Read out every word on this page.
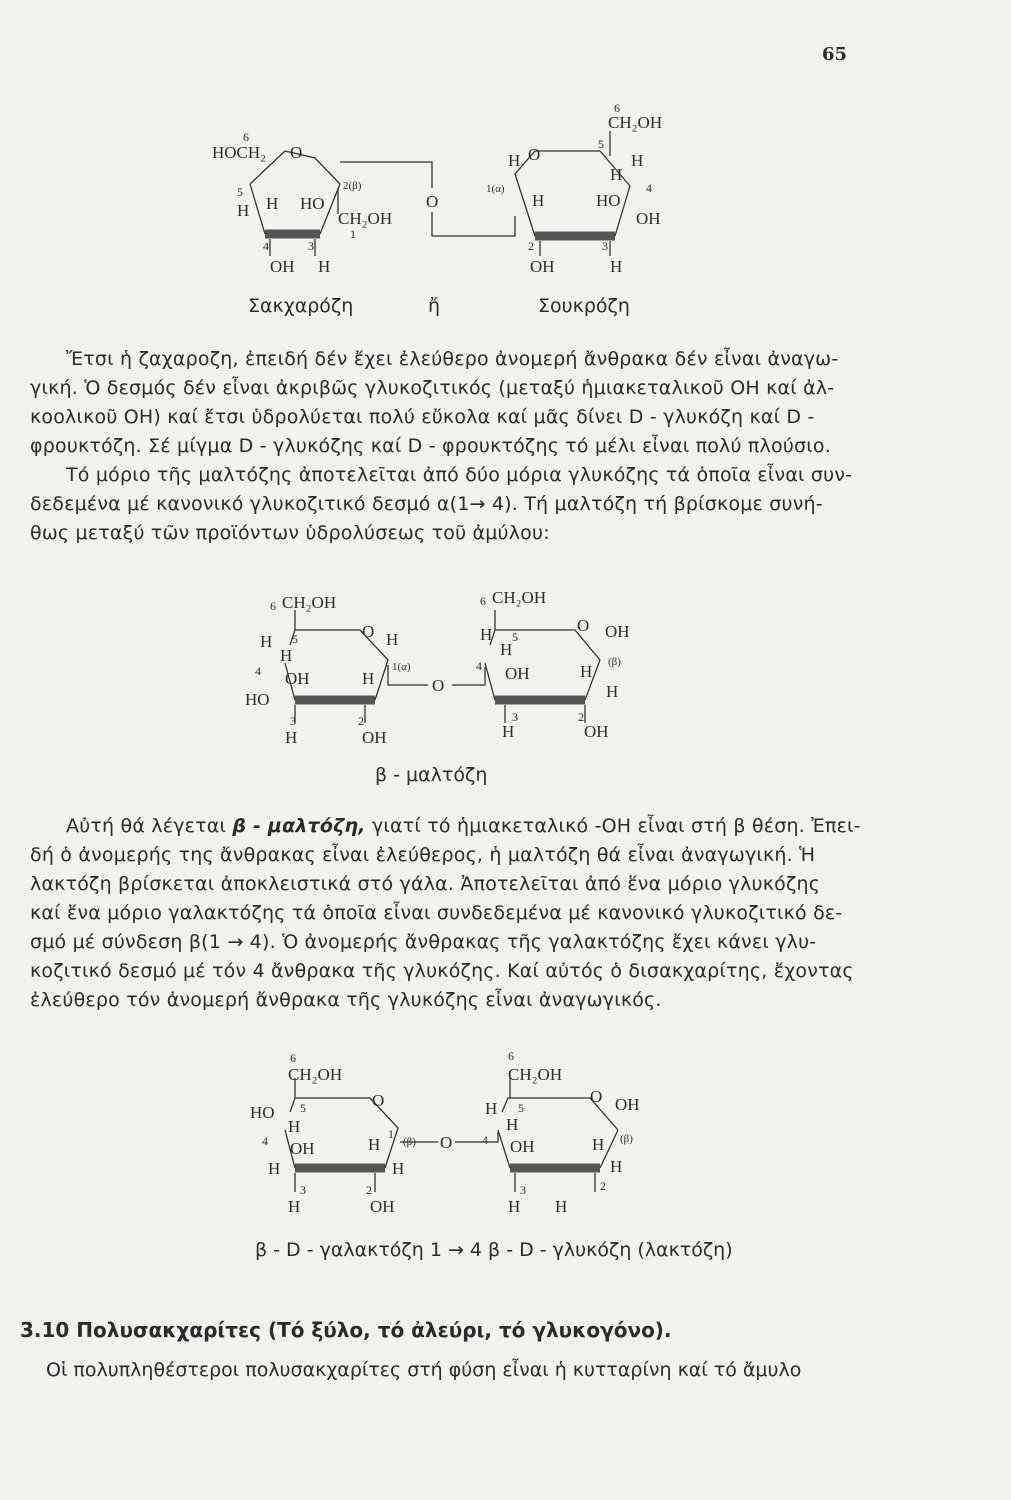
65
6
HOCH₂ O
5
H H HO
2(β)
CH₂OH
1
4	3
OH H
O
6
CH₂OH
5
H
O
H
1(α)
H
4
H	HO
OH
2	3
OH	H
Σακχαρόζη	ἤ	Σουκρόζη
Ἔτσι ἡ ζαχαροζη, ἐπειδή δέν ἔχει ἐλεύθερο ἀνομερή ἄνθρακα δέν εἶναι ἀναγω-
γική. Ὁ δεσμός δέν εἶναι ἀκριβῶς γλυκοζιτικός (μεταξύ ἡμιακεταλικοῦ ΟΗ καί ἀλ-
κοολικοῦ ΟΗ) καί ἔτσι ὑδρολύεται πολύ εὔκολα καί μᾶς δίνει D - γλυκόζη καί D -
φρουκτόζη. Σέ μίγμα D - γλυκόζης καί D - φρουκτόζης τό μέλι εἶναι πολύ πλούσιο.
Τό μόριο τῆς μαλτόζης ἀποτελεῖται ἀπό δύο μόρια γλυκόζης τά ὁποῖα εἶναι συν-
δεδεμένα μέ κανονικό γλυκοζιτικό δεσμό α(1→ 4). Τή μαλτόζη τή βρίσκομε συνή-
θως μεταξύ τῶν προϊόντων ὑδρολύσεως τοῦ ἀμύλου:
6 CH₂OH
H 5	O H
H
4 OH	H
1(α)
HO
3	2
H	OH
O
6 CH₂OH
H 5
O OH
H
4 OH	H (β)
H
3	2
H	OH
β - μαλτόζη
Αὐτή θά λέγεται β - μαλτόζη, γιατί τό ἡμιακεταλικό -ΟΗ εἶναι στή β θέση. Ἐπει-
δή ὁ ἀνομερής της ἄνθρακας εἶναι ἐλεύθερος, ἡ μαλτόζη θά εἶναι ἀναγωγική. Ἡ
λακτόζη βρίσκεται ἀποκλειστικά στό γάλα. Ἀποτελεῖται ἀπό ἕνα μόριο γλυκόζης
καί ἕνα μόριο γαλακτόζης τά ὁποῖα εἶναι συνδεδεμένα μέ κανονικό γλυκοζιτικό δε-
σμό μέ σύνδεση β(1 → 4). Ὁ ἀνομερής ἄνθρακας τῆς γαλακτόζης ἔχει κάνει γλυ-
κοζιτικό δεσμό μέ τόν 4 ἄνθρακα τῆς γλυκόζης. Καί αὐτός ὁ δισακχαρίτης, ἔχοντας
ἐλεύθερο τόν ἀνομερή ἄνθρακα τῆς γλυκόζης εἶναι ἀναγωγικός.
6
CH₂OH
HO 5	O
H
4 OH	H
1
(β)
H	H
3	2
H	OH
O
6
CH₂OH
H 5
O OH
H
4 OH	H (β)
H
3	2
H H
β - D - γαλακτόζη 1 → 4 β - D - γλυκόζη (λακτόζη)
3.10 Πολυσακχαρίτες (Τό ξύλο, τό ἀλεύρι, τό γλυκογόνο).
Οἱ πολυπληθέστεροι πολυσακχαρίτες στή φύση εἶναι ἡ κυτταρίνη καί τό ἄμυλο
